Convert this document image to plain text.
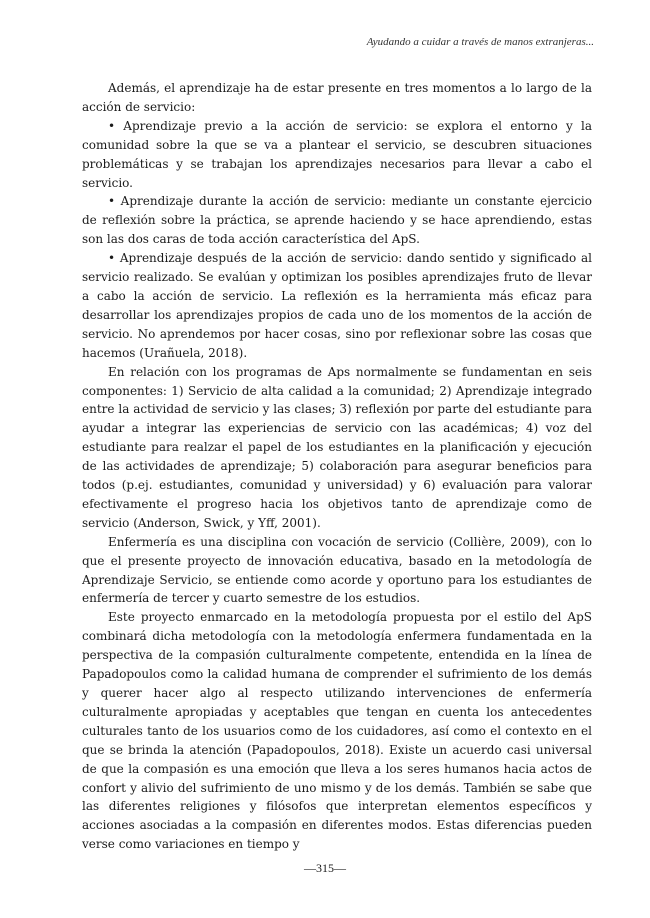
Ayudando a cuidar a través de manos extranjeras...

Además, el aprendizaje ha de estar presente en tres momentos a lo largo de la acción de servicio:

• Aprendizaje previo a la acción de servicio: se explora el entorno y la comunidad sobre la que se va a plantear el servicio, se descubren situaciones problemáticas y se trabajan los aprendizajes necesarios para llevar a cabo el servicio.

• Aprendizaje durante la acción de servicio: mediante un constante ejercicio de reflexión sobre la práctica, se aprende haciendo y se hace aprendiendo, estas son las dos caras de toda acción característica del ApS.

• Aprendizaje después de la acción de servicio: dando sentido y significado al servicio realizado. Se evalúan y optimizan los posibles aprendizajes fruto de llevar a cabo la acción de servicio. La reflexión es la herramienta más eficaz para desarrollar los aprendizajes propios de cada uno de los momentos de la acción de servicio. No aprendemos por hacer cosas, sino por reflexionar sobre las cosas que hacemos (Urañuela, 2018).

En relación con los programas de Aps normalmente se fundamentan en seis componentes: 1) Servicio de alta calidad a la comunidad; 2) Aprendizaje integrado entre la actividad de servicio y las clases; 3) reflexión por parte del estudiante para ayudar a integrar las experiencias de servicio con las académicas; 4) voz del estudiante para realzar el papel de los estudiantes en la planificación y ejecución de las actividades de aprendizaje; 5) colaboración para asegurar beneficios para todos (p.ej. estudiantes, comunidad y universidad) y 6) evaluación para valorar efectivamente el progreso hacia los objetivos tanto de aprendizaje como de servicio (Anderson, Swick, y Yff, 2001).

Enfermería es una disciplina con vocación de servicio (Collière, 2009), con lo que el presente proyecto de innovación educativa, basado en la metodología de Aprendizaje Servicio, se entiende como acorde y oportuno para los estudiantes de enfermería de tercer y cuarto semestre de los estudios.

Este proyecto enmarcado en la metodología propuesta por el estilo del ApS combinará dicha metodología con la metodología enfermera fundamentada en la perspectiva de la compasión culturalmente competente, entendida en la línea de Papadopoulos como la calidad humana de comprender el sufrimiento de los demás y querer hacer algo al respecto utilizando intervenciones de enfermería culturalmente apropiadas y aceptables que tengan en cuenta los antecedentes culturales tanto de los usuarios como de los cuidadores, así como el contexto en el que se brinda la atención (Papadopoulos, 2018). Existe un acuerdo casi universal de que la compasión es una emoción que lleva a los seres humanos hacia actos de confort y alivio del sufrimiento de uno mismo y de los demás. También se sabe que las diferentes religiones y filósofos que interpretan elementos específicos y acciones asociadas a la compasión en diferentes modos. Estas diferencias pueden verse como variaciones en tiempo y

—315—
